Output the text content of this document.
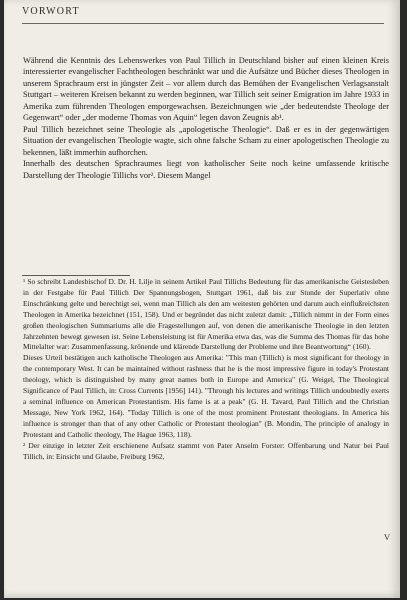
VORWORT

Während die Kenntnis des Lebenswerkes von Paul Tillich in Deutschland bisher auf einen kleinen Kreis interessierter evangelischer Fachtheologen beschränkt war und die Aufsätze und Bücher dieses Theologen in unserem Sprachraum erst in jüngster Zeit – vor allem durch das Bemühen der Evangelischen Verlagsanstalt Stuttgart – weiteren Kreisen bekannt zu werden beginnen, war Tillich seit seiner Emigration im Jahre 1933 in Amerika zum führenden Theologen emporgewachsen. Bezeichnungen wie „der bedeutendste Theologe der Gegenwart“ oder „der moderne Thomas von Aquin“ legen davon Zeugnis ab¹.

Paul Tillich bezeichnet seine Theologie als „apologetische Theologie“. Daß er es in der gegenwärtigen Situation der evangelischen Theologie wagte, sich ohne falsche Scham zu einer apologetischen Theologie zu bekennen, läßt immerhin aufhorchen.

Innerhalb des deutschen Sprachraumes liegt von katholischer Seite noch keine umfassende kritische Darstellung der Theologie Tillichs vor². Diesem Mangel

¹ So schreibt Landesbischof D. Dr. H. Lilje in seinem Artikel Paul Tillichs Bedeutung für das amerikanische Geistesleben in der Festgabe für Paul Tillich Der Spannungsbogen, Stuttgart 1961, daß bis zur Stunde der Superlativ ohne Einschränkung gelte und berechtigt sei, wenn man Tillich als den am weitesten gehörten und darum auch einflußreichsten Theologen in Amerika bezeichnet (151, 158). Und er begründet das nicht zuletzt damit: „Tillich nimmt in der Form eines großen theologischen Summariums alle die Fragestellungen auf, von denen die amerikanische Theologie in den letzten Jahrzehnten bewegt gewesen ist. Seine Lebensleistung ist für Amerika etwa das, was die Summa des Thomas für das hohe Mittelalter war: Zusammenfassung, krönende und klärende Darstellung der Probleme und ihre Beantwortung“ (160).

Dieses Urteil bestätigen auch katholische Theologen aus Amerika: "This man (Tillich) is most significant for theology in the contemporary West. It can be maintained without rashness that he is the most impressive figure in today's Protestant theology, which is distinguished by many great names both in Europe and America" (G. Weigel, The Theological Significance of Paul Tillich, in: Cross Currents [1956] 141). "Through his lectures and writings Tillich undoubtedly exerts a seminal influence on American Protestantism. His fame is at a peak" (G. H. Tavard, Paul Tillich and the Christian Message, New York 1962, 164). "Today Tillich is one of the most prominent Protestant theologians. In America his influence is stronger than that of any other Catholic or Protestant theologian" (B. Mondin, The principle of analogy in Protestant and Catholic theology, The Hague 1963, 118).

² Der einzige in letzter Zeit erschienene Aufsatz stammt von Pater Anselm Forster: Offenbarung und Natur bei Paul Tillich, in: Einsicht und Glaube, Freiburg 1962,

V
